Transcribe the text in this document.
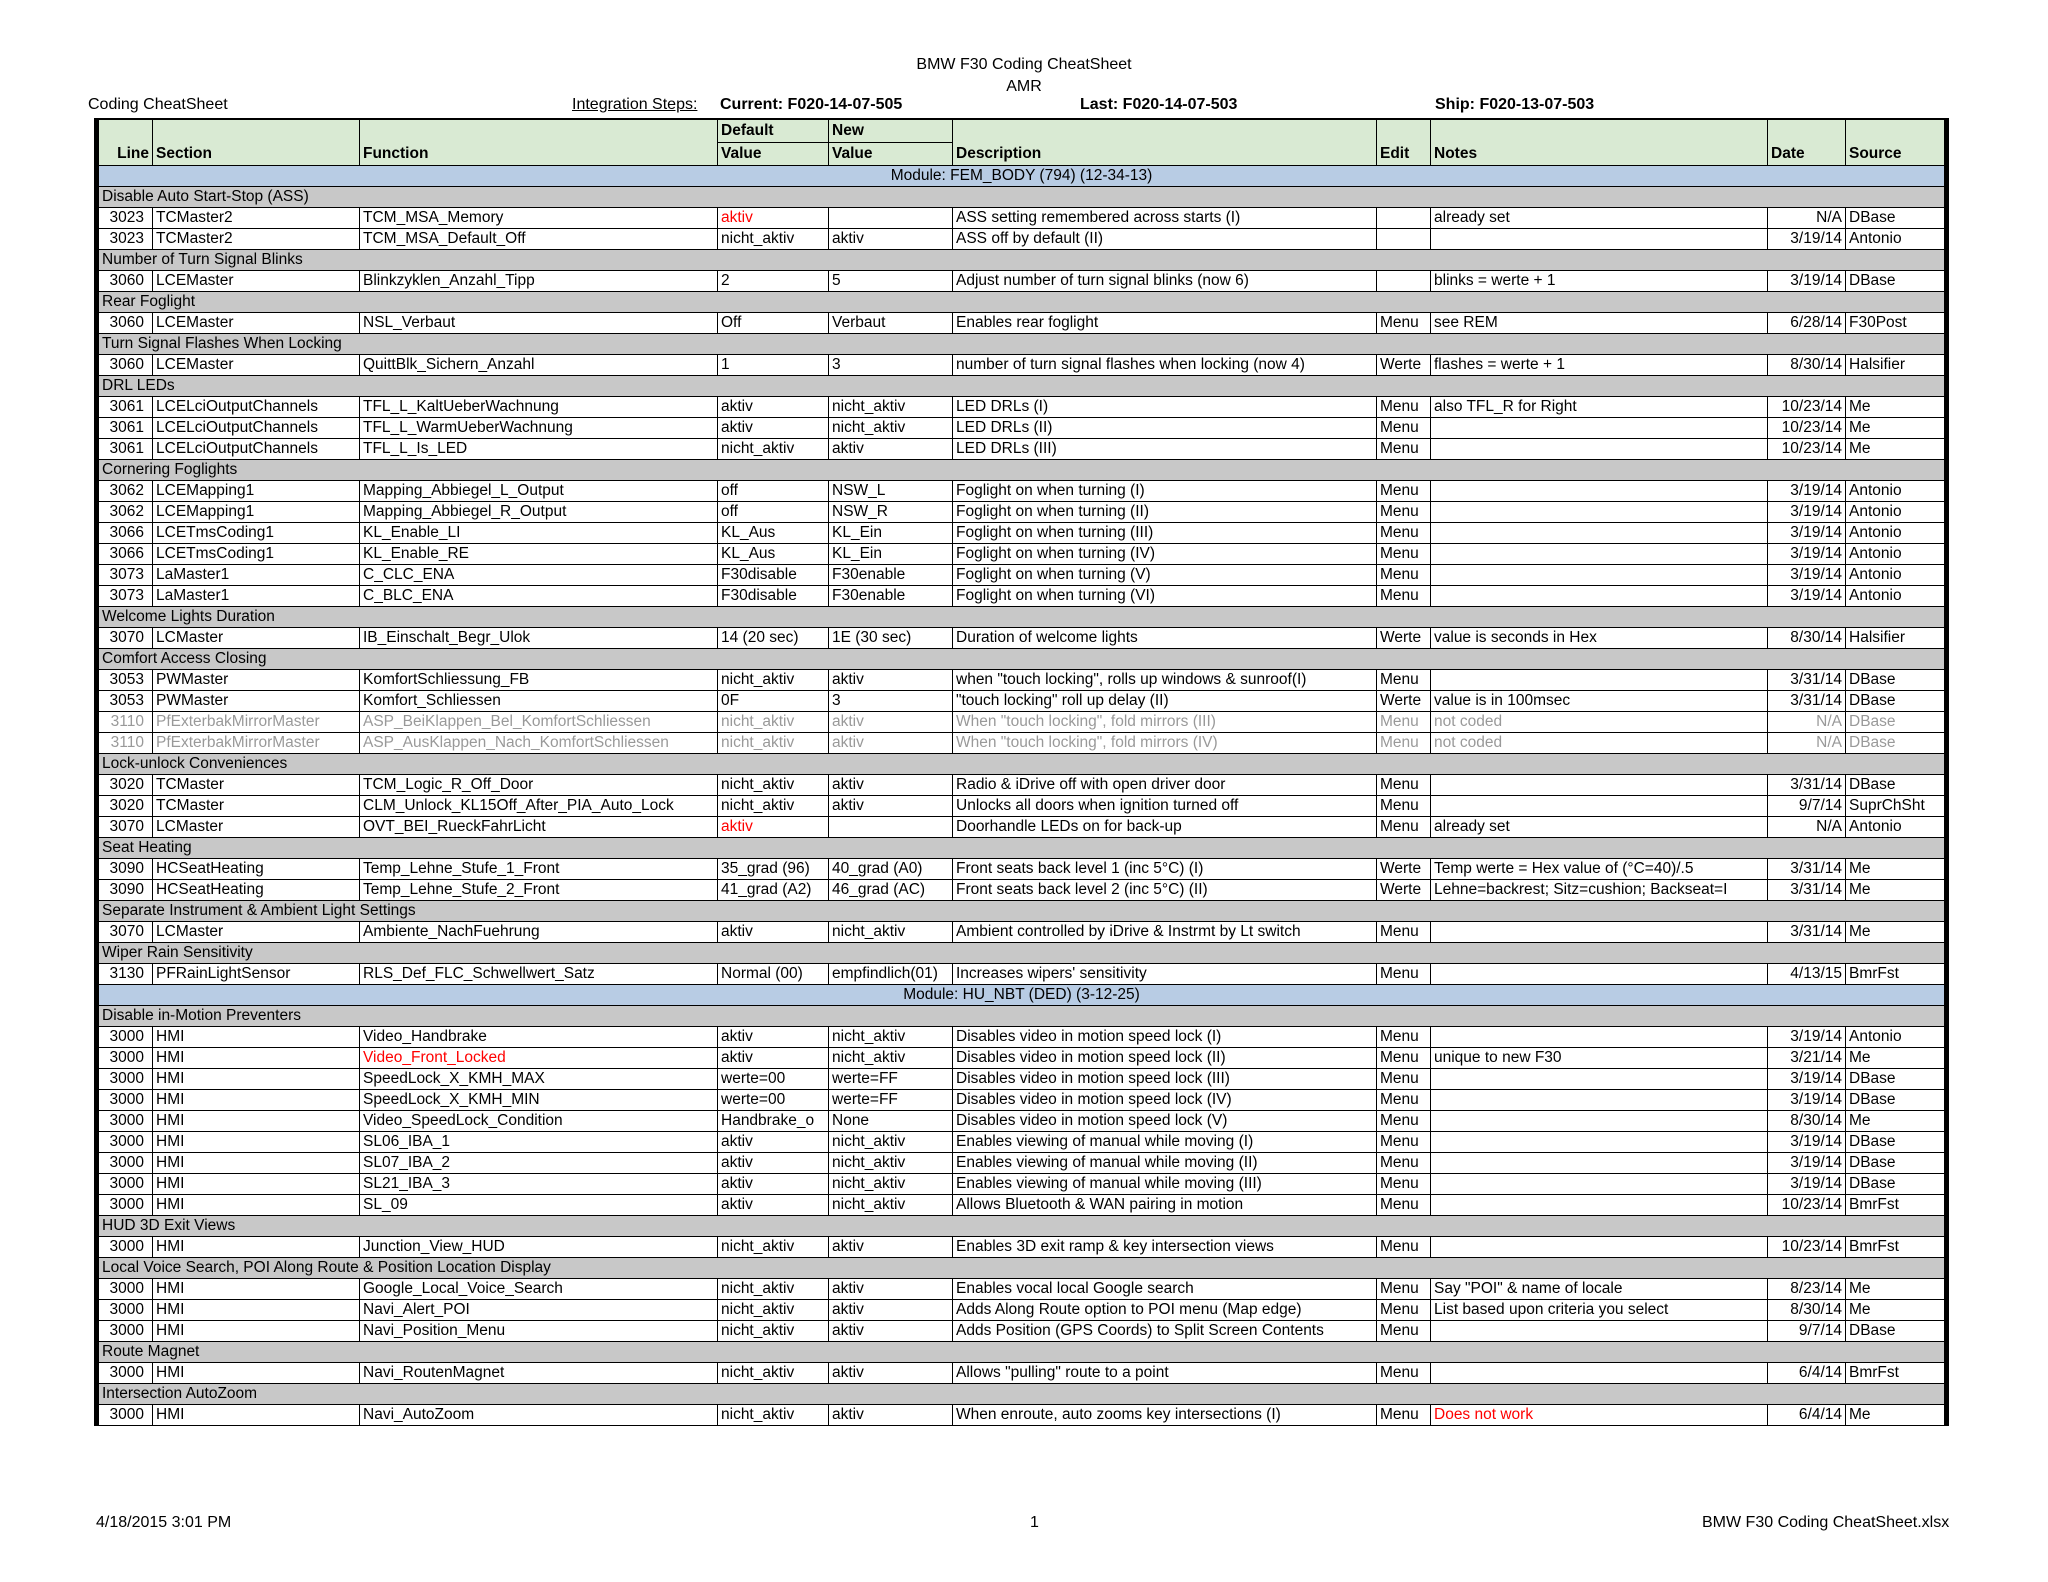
BMW F30 Coding CheatSheet
AMR
Coding CheatSheet	Integration Steps: Current: F020-14-07-505	Last: F020-14-07-503	Ship: F020-13-07-503
Line	Section	Function	Default	New	Description	Edit	Notes	Date	Source
			Value	Value					
Module: FEM_BODY (794) (12-34-13)									
Disable Auto Start-Stop (ASS)									
3023	TCMaster2	TCM_MSA_Memory	aktiv		ASS setting remembered across starts (I)		already set	N/A	DBase
3023	TCMaster2	TCM_MSA_Default_Off	nicht_aktiv	aktiv	ASS off by default (II)			3/19/14	Antonio
Number of Turn Signal Blinks									
3060	LCEMaster	Blinkzyklen_Anzahl_Tipp	2	5	Adjust number of turn signal blinks (now 6)		blinks = werte + 1	3/19/14	DBase
Rear Foglight									
3060	LCEMaster	NSL_Verbaut	Off	Verbaut	Enables rear foglight	Menu	see REM	6/28/14	F30Post
Turn Signal Flashes When Locking									
3060	LCEMaster	QuittBlk_Sichern_Anzahl	1	3	number of turn signal flashes when locking (now 4)	Werte	flashes = werte + 1	8/30/14	Halsifier
DRL LEDs									
3061	LCELciOutputChannels	TFL_L_KaltUeberWachnung	aktiv	nicht_aktiv	LED DRLs (I)	Menu	also TFL_R for Right	10/23/14	Me
3061	LCELciOutputChannels	TFL_L_WarmUeberWachnung	aktiv	nicht_aktiv	LED DRLs (II)	Menu		10/23/14	Me
3061	LCELciOutputChannels	TFL_L_Is_LED	nicht_aktiv	aktiv	LED DRLs (III)	Menu		10/23/14	Me
Cornering Foglights									
3062	LCEMapping1	Mapping_Abbiegel_L_Output	off	NSW_L	Foglight on when turning (I)	Menu		3/19/14	Antonio
3062	LCEMapping1	Mapping_Abbiegel_R_Output	off	NSW_R	Foglight on when turning (II)	Menu		3/19/14	Antonio
3066	LCETmsCoding1	KL_Enable_LI	KL_Aus	KL_Ein	Foglight on when turning (III)	Menu		3/19/14	Antonio
3066	LCETmsCoding1	KL_Enable_RE	KL_Aus	KL_Ein	Foglight on when turning (IV)	Menu		3/19/14	Antonio
3073	LaMaster1	C_CLC_ENA	F30disable	F30enable	Foglight on when turning (V)	Menu		3/19/14	Antonio
3073	LaMaster1	C_BLC_ENA	F30disable	F30enable	Foglight on when turning (VI)	Menu		3/19/14	Antonio
Welcome Lights Duration									
3070	LCMaster	IB_Einschalt_Begr_Ulok	14 (20 sec)	1E (30 sec)	Duration of welcome lights	Werte	value is seconds in Hex	8/30/14	Halsifier
Comfort Access Closing									
3053	PWMaster	KomfortSchliessung_FB	nicht_aktiv	aktiv	when "touch locking", rolls up windows & sunroof(I)	Menu		3/31/14	DBase
3053	PWMaster	Komfort_Schliessen	0F	3	"touch locking" roll up delay (II)	Werte	value is in 100msec	3/31/14	DBase
3110	PfExterbakMirrorMaster	ASP_BeiKlappen_Bel_KomfortSchliessen	nicht_aktiv	aktiv	When "touch locking", fold mirrors (III)	Menu	not coded	N/A	DBase
3110	PfExterbakMirrorMaster	ASP_AusKlappen_Nach_KomfortSchliessen	nicht_aktiv	aktiv	When "touch locking", fold mirrors (IV)	Menu	not coded	N/A	DBase
Lock-unlock Conveniences									
3020	TCMaster	TCM_Logic_R_Off_Door	nicht_aktiv	aktiv	Radio & iDrive off with open driver door	Menu		3/31/14	DBase
3020	TCMaster	CLM_Unlock_KL15Off_After_PIA_Auto_Lock	nicht_aktiv	aktiv	Unlocks all doors when ignition turned off	Menu		9/7/14	SuprChSht
3070	LCMaster	OVT_BEI_RueckFahrLicht	aktiv		Doorhandle LEDs on for back-up	Menu	already set	N/A	Antonio
Seat Heating									
3090	HCSeatHeating	Temp_Lehne_Stufe_1_Front	35_grad (96)	40_grad (A0)	Front seats back level 1 (inc 5°C) (I)	Werte	Temp werte = Hex value of (°C=40)/.5	3/31/14	Me
3090	HCSeatHeating	Temp_Lehne_Stufe_2_Front	41_grad (A2)	46_grad (AC)	Front seats back level 2 (inc 5°C) (II)	Werte	Lehne=backrest; Sitz=cushion; Backseat=I	3/31/14	Me
Separate Instrument & Ambient Light Settings									
3070	LCMaster	Ambiente_NachFuehrung	aktiv	nicht_aktiv	Ambient controlled by iDrive & Instrmt by Lt switch	Menu		3/31/14	Me
Wiper Rain Sensitivity									
3130	PFRainLightSensor	RLS_Def_FLC_Schwellwert_Satz	Normal (00)	empfindlich(01)	Increases wipers' sensitivity	Menu		4/13/15	BmrFst
Module: HU_NBT (DED) (3-12-25)									
Disable in-Motion Preventers									
3000	HMI	Video_Handbrake	aktiv	nicht_aktiv	Disables video in motion speed lock (I)	Menu		3/19/14	Antonio
3000	HMI	Video_Front_Locked	aktiv	nicht_aktiv	Disables video in motion speed lock (II)	Menu	unique to new F30	3/21/14	Me
3000	HMI	SpeedLock_X_KMH_MAX	werte=00	werte=FF	Disables video in motion speed lock (III)	Menu		3/19/14	DBase
3000	HMI	SpeedLock_X_KMH_MIN	werte=00	werte=FF	Disables video in motion speed lock (IV)	Menu		3/19/14	DBase
3000	HMI	Video_SpeedLock_Condition	Handbrake_o	None	Disables video in motion speed lock (V)	Menu		8/30/14	Me
3000	HMI	SL06_IBA_1	aktiv	nicht_aktiv	Enables viewing of manual while moving (I)	Menu		3/19/14	DBase
3000	HMI	SL07_IBA_2	aktiv	nicht_aktiv	Enables viewing of manual while moving (II)	Menu		3/19/14	DBase
3000	HMI	SL21_IBA_3	aktiv	nicht_aktiv	Enables viewing of manual while moving (III)	Menu		3/19/14	DBase
3000	HMI	SL_09	aktiv	nicht_aktiv	Allows Bluetooth & WAN pairing in motion	Menu		10/23/14	BmrFst
HUD 3D Exit Views									
3000	HMI	Junction_View_HUD	nicht_aktiv	aktiv	Enables 3D exit ramp & key intersection views	Menu		10/23/14	BmrFst
Local Voice Search, POI Along Route & Position Location Display									
3000	HMI	Google_Local_Voice_Search	nicht_aktiv	aktiv	Enables vocal local Google search	Menu	Say "POI" & name of locale	8/23/14	Me
3000	HMI	Navi_Alert_POI	nicht_aktiv	aktiv	Adds Along Route option to POI menu (Map edge)	Menu	List based upon criteria you select	8/30/14	Me
3000	HMI	Navi_Position_Menu	nicht_aktiv	aktiv	Adds Position (GPS Coords) to Split Screen Contents	Menu		9/7/14	DBase
Route Magnet									
3000	HMI	Navi_RoutenMagnet	nicht_aktiv	aktiv	Allows "pulling" route to a point	Menu		6/4/14	BmrFst
Intersection AutoZoom									
3000	HMI	Navi_AutoZoom	nicht_aktiv	aktiv	When enroute, auto zooms key intersections (I)	Menu	Does not work	6/4/14	Me
4/18/2015 3:01 PM	1	BMW F30 Coding CheatSheet.xlsx
